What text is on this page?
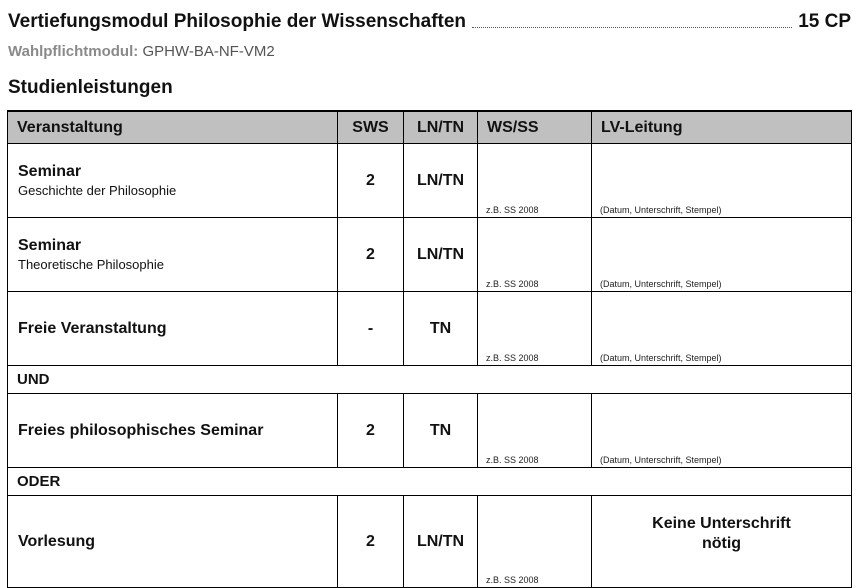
Vertiefungsmodul Philosophie der Wissenschaften	15 CP
Wahlpflichtmodul: GPHW-BA-NF-VM2
Studienleistungen
Veranstaltung	SWS	LN/TN	WS/SS	LV-Leitung

Seminar
Geschichte der Philosophie	2	LN/TN	z.B. SS 2008	(Datum, Unterschrift, Stempel)

Seminar
Theoretische Philosophie	2	LN/TN	z.B. SS 2008	(Datum, Unterschrift, Stempel)

Freie Veranstaltung	-	TN	z.B. SS 2008	(Datum, Unterschrift, Stempel)

UND				

Freies philosophisches Seminar	2	TN	z.B. SS 2008	(Datum, Unterschrift, Stempel)

ODER				

Vorlesung	2	LN/TN	z.B. SS 2008	Keine Unterschrift
nötig
